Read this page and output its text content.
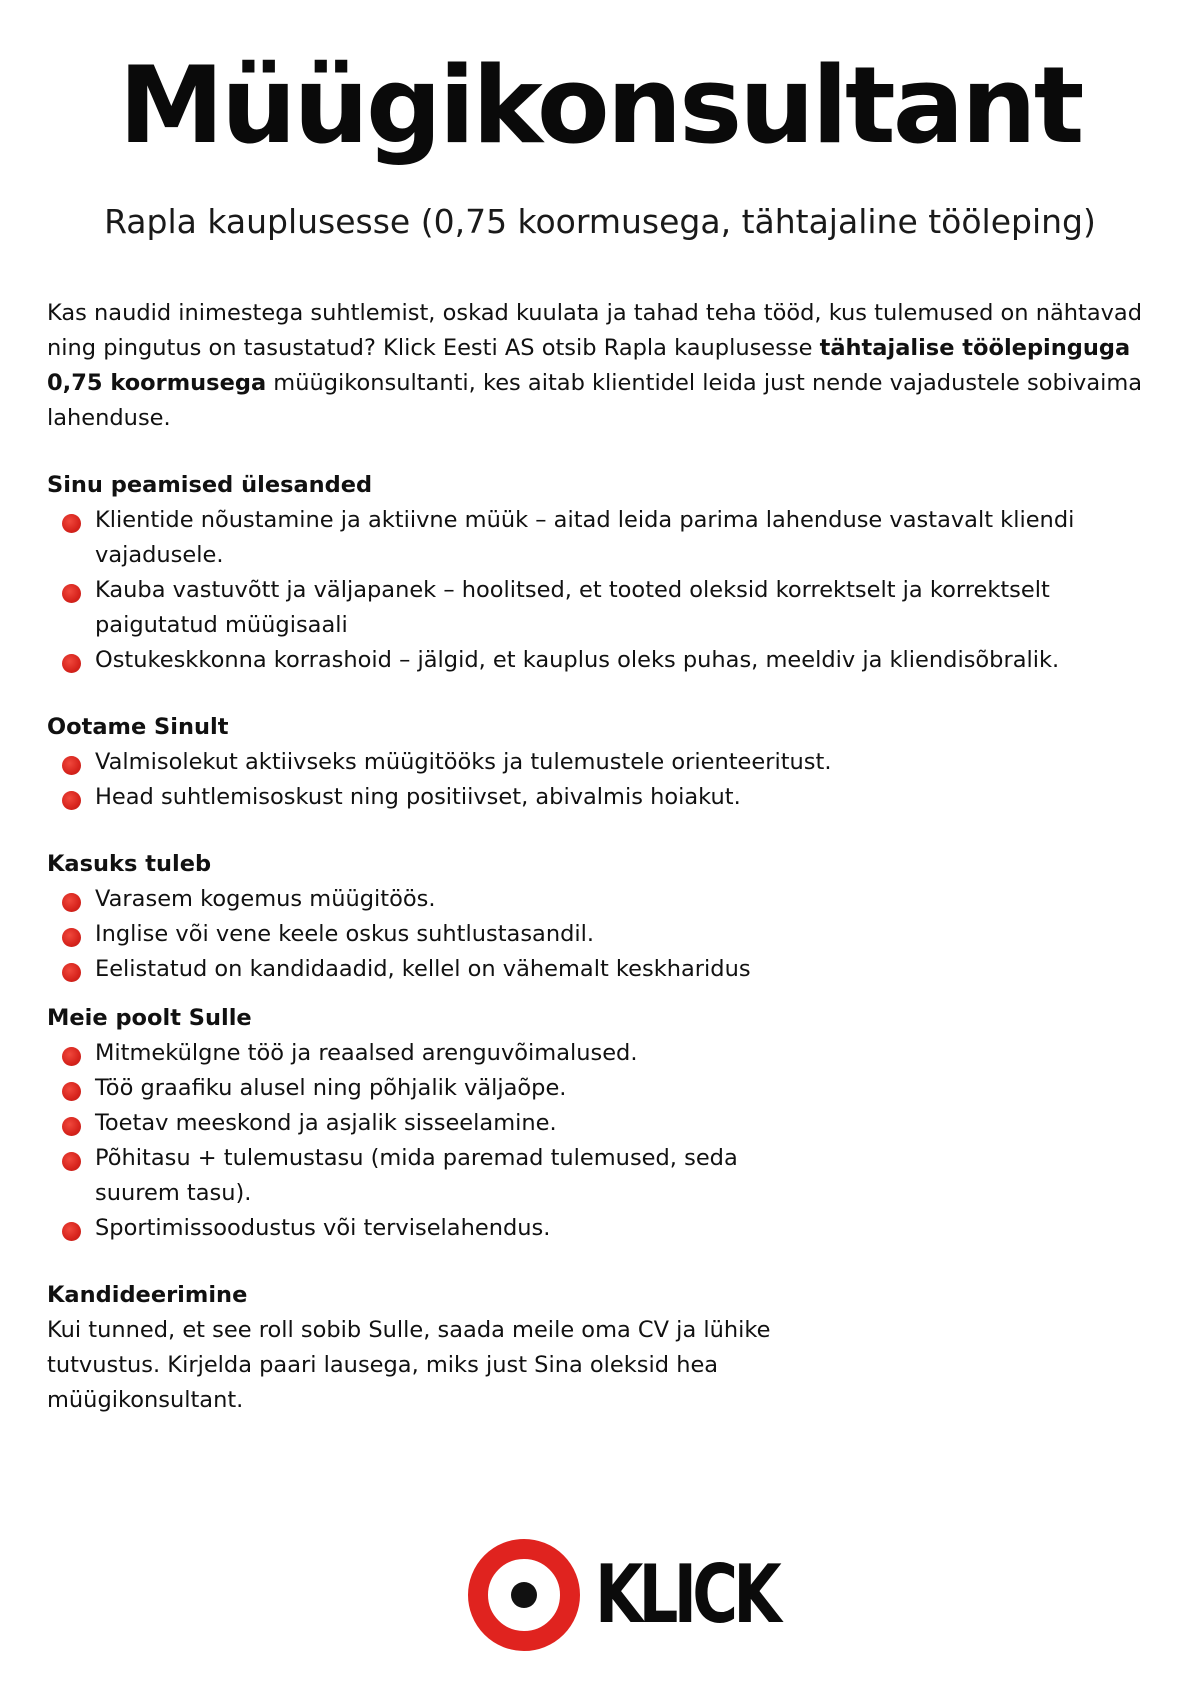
Müügikonsultant

Rapla kauplusesse (0,75 koormusega, tähtajaline tööleping)

Kas naudid inimestega suhtlemist, oskad kuulata ja tahad teha tööd, kus tulemused on nähtavad ning pingutus on tasustatud? Klick Eesti AS otsib Rapla kauplusesse tähtajalise töölepinguga 0,75 koormusega müügikonsultanti, kes aitab klientidel leida just nende vajadustele sobivaima lahenduse.

Sinu peamised ülesanded
Klientide nõustamine ja aktiivne müük – aitad leida parima lahenduse vastavalt kliendi vajadusele.
Kauba vastuvõtt ja väljapanek – hoolitsed, et tooted oleksid korrektselt ja korrektselt paigutatud müügisaali
Ostukeskkonna korrashoid – jälgid, et kauplus oleks puhas, meeldiv ja kliendisõbralik.
Ootame Sinult
Valmisolekut aktiivseks müügitööks ja tulemustele orienteeritust.
Head suhtlemisoskust ning positiivset, abivalmis hoiakut.
Kasuks tuleb
Varasem kogemus müügitöös.
Inglise või vene keele oskus suhtlustasandil.
Eelistatud on kandidaadid, kellel on vähemalt keskharidus
Meie poolt Sulle
Mitmekülgne töö ja reaalsed arenguvõimalused.
Töö graafiku alusel ning põhjalik väljaõpe.
Toetav meeskond ja asjalik sisseelamine.
Põhitasu + tulemustasu (mida paremad tulemused, seda suurem tasu).
Sportimissoodustus või terviselahendus.
Kandideerimine

Kui tunned, et see roll sobib Sulle, saada meile oma CV ja lühike tutvustus. Kirjelda paari lausega, miks just Sina oleksid hea müügikonsultant.

KLICK
